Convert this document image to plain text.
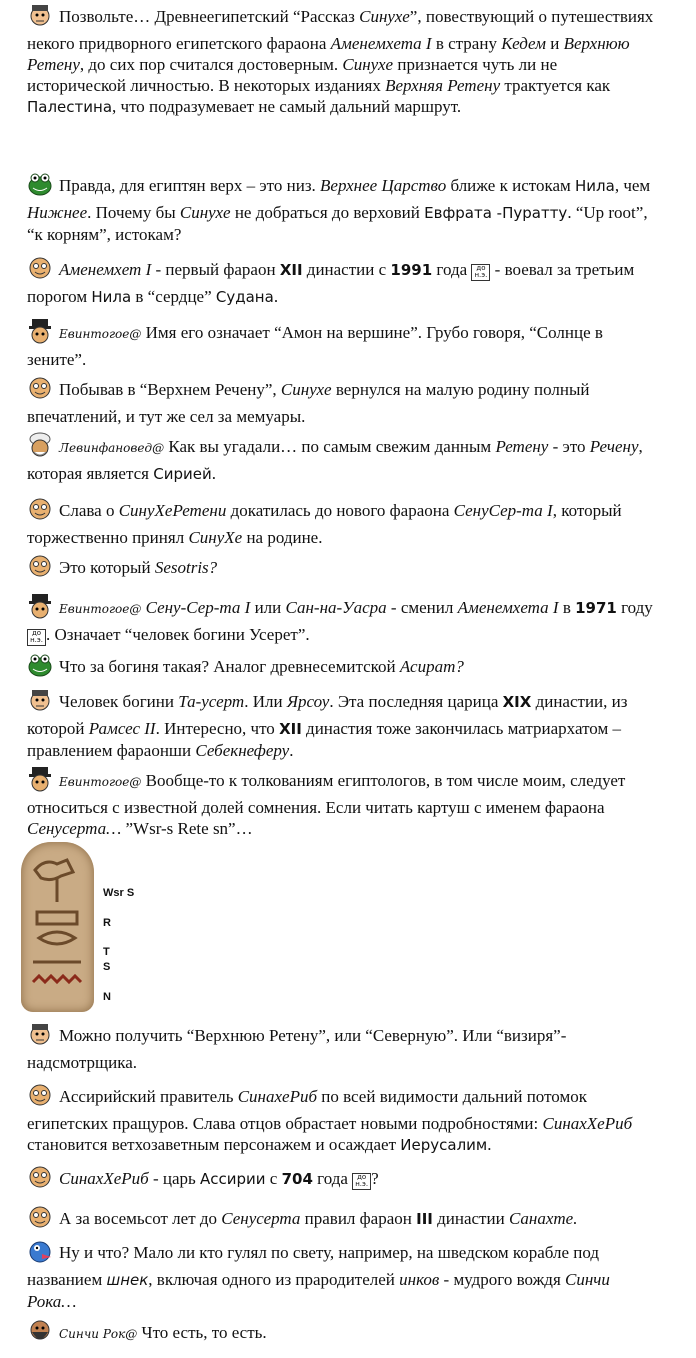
Позвольте… Древнеегипетский “Рассказ Синухе”, повествующий о путешествиях некого придворного египетского фараона Аменемхета I в страну Кедем и Верхнюю Ретену, до сих пор считался достоверным. Синухе признается чуть ли не исторической личностью. В некоторых изданиях Верхняя Ретену трактуется как Палестина, что подразумевает не самый дальний маршрут.
Правда, для египтян верх – это низ. Верхнее Царство ближе к истокам Нила, чем Нижнее. Почему бы Синухе не добраться до верховий Евфрата -Пуратту. “Up root”, “к корням”, истокам?
Аменемхет I - первый фараон XII династии с 1991 года до н.э. - воевал за третьим порогом Нила в “сердце” Судана.
Евинтогое@ Имя его означает “Амон на вершине”. Грубо говоря, “Солнце в зените”.
Побывав в “Верхнем Речену”, Синухе вернулся на малую родину полный впечатлений, и тут же сел за мемуары.
Левинфановед@ Как вы угадали… по самым свежим данным Ретену - это Речену, которая является Сирией.
Слава о СинуХеРетени докатилась до нового фараона СенуСер-та I, который торжественно принял СинуХе на родине.
Это который Sesotris?
Евинтогое@ Сену-Сер-та I или Сан-на-Уасра - сменил Аменемхета I в 1971 году до н.э. . Означает “человек богини Усерет”.
Что за богиня такая? Аналог древнесемитской Асират?
Человек богини Та-усерт. Или Ярсоу. Эта последняя царица XIX династии, из которой Рамсес II. Интересно, что XII династия тоже закончилась матриархатом – правлением фараонши Себекнеферу.
Евинтогое@ Вообще-то к толкованиям египтологов, в том числе моим, следует относиться с известной долей сомнения. Если читать картуш с именем фараона Сенусерта… ”Wsr-s Rete sn”…
Wsr S
R
T
S
N
Можно получить “Верхнюю Ретену”, или “Северную”. Или “визиря”-надсмотрщика.
Ассирийский правитель СинахеРиб по всей видимости дальний потомок египетских пращуров. Слава отцов обрастает новыми подробностями: СинахХеРиб становится ветхозаветным персонажем и осаждает Иерусалим.
СинахХеРиб - царь Ассирии с 704 года до н.э. ?
А за восемьсот лет до Сенусерта правил фараон III династии Санахте.
Ну и что? Мало ли кто гулял по свету, например, на шведском корабле под названием шнек, включая одного из прародителей инков - мудрого вождя Синчи Рока…
Синчи Рок@ Что есть, то есть.
